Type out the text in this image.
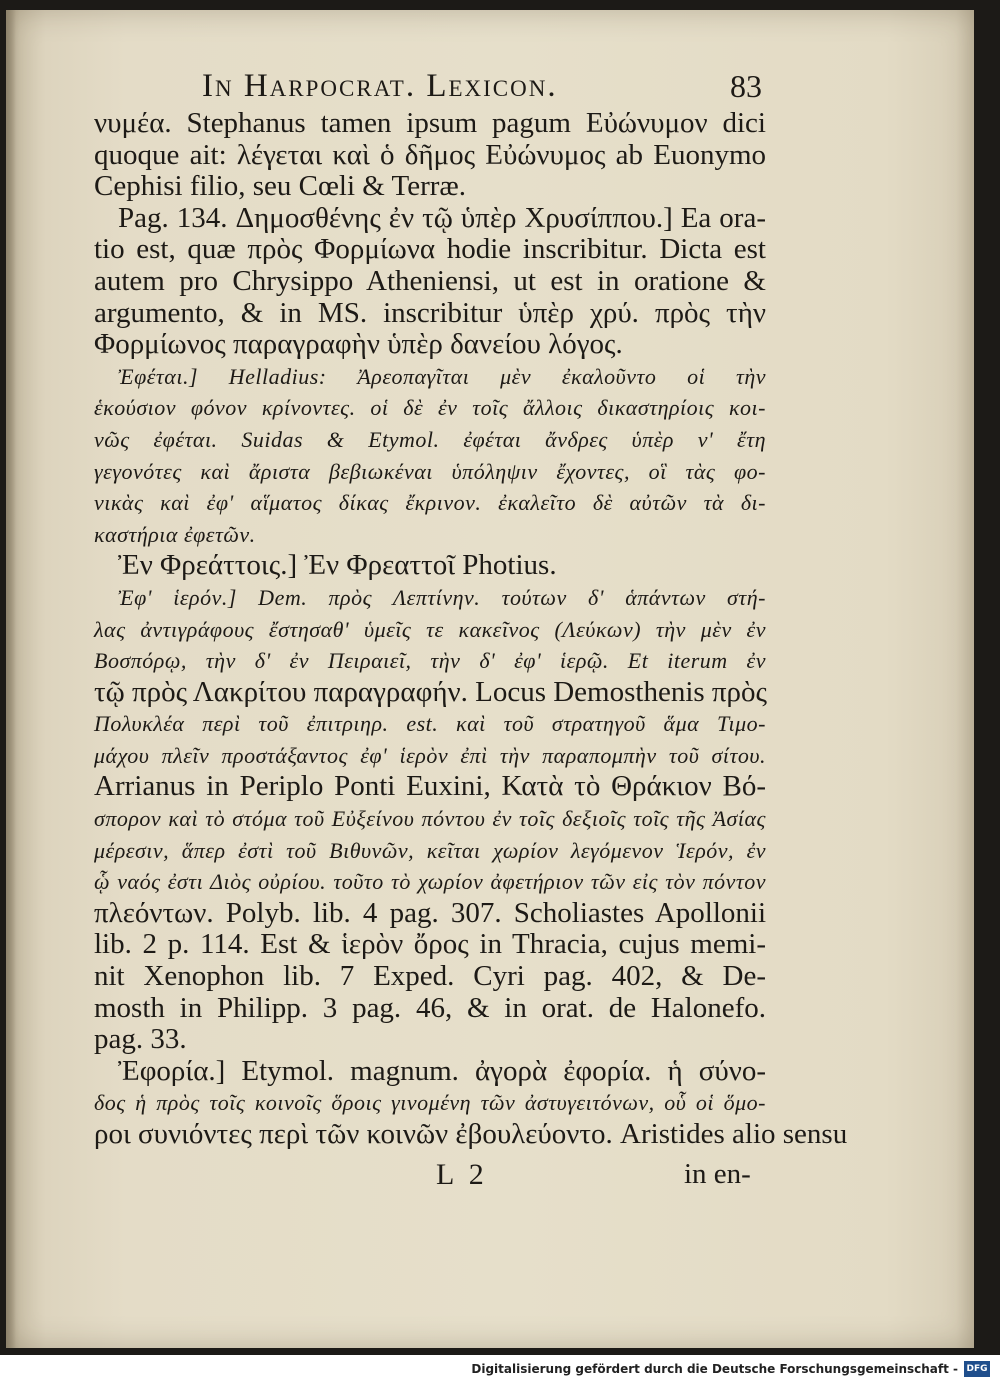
In Harpocrat. Lexicon.	83
νυμέα. Stephanus tamen ipsum pagum Εὐώνυμον dici
quoque ait: λέγεται καὶ ὁ δῆμος Εὐώνυμος ab Euonymo
Cephisi filio, seu Cœli & Terræ.
Pag. 134. Δημοσθένης ἐν τῷ ὑπὲρ Χρυσίππου.] Ea ora-
tio est, quæ πρὸς Φορμίωνα hodie inscribitur. Dicta est
autem pro Chrysippo Atheniensi, ut est in oratione &
argumento, & in MS. inscribitur ὑπὲρ χρύ. πρὸς τὴν
Φορμίωνος παραγραφὴν ὑπὲρ δανείου λόγος.
Ἐφέται.] Helladius: Ἀρεοπαγῖται μὲν ἐκαλοῦντο οἱ τὴν
ἑκούσιον φόνον κρίνοντες. οἱ δὲ ἐν τοῖς ἄλλοις δικαστηρίοις κοι-
νῶς ἐφέται. Suidas & Etymol. ἐφέται ἄνδρες ὑπὲρ ν' ἔτη
γεγονότες καὶ ἄριστα βεβιωκέναι ὑπόληψιν ἔχοντες, οἳ τὰς φο-
νικὰς καὶ ἐφ' αἵματος δίκας ἔκρινον. ἐκαλεῖτο δὲ αὐτῶν τὰ δι-
καστήρια ἐφετῶν.
Ἐν Φρεάττοις.] Ἐν Φρεαττοῖ Photius.
Ἐφ' ἱερόν.] Dem. πρὸς Λεπτίνην. τούτων δ' ἁπάντων στή-
λας ἀντιγράφους ἔστησαθ' ὑμεῖς τε κακεῖνος (Λεύκων) τὴν μὲν ἐν
Βοσπόρῳ, τὴν δ' ἐν Πειραιεῖ, τὴν δ' ἐφ' ἱερῷ. Et iterum ἐν
τῷ πρὸς Λακρίτου παραγραφήν. Locus Demosthenis πρὸς
Πολυκλέα περὶ τοῦ ἐπιτριηρ. est. καὶ τοῦ στρατηγοῦ ἅμα Τιμο-
μάχου πλεῖν προστάξαντος ἐφ' ἱερὸν ἐπὶ τὴν παραπομπὴν τοῦ σίτου.
Arrianus in Periplo Ponti Euxini, Κατὰ τὸ Θράκιον Βό-
σπορον καὶ τὸ στόμα τοῦ Εὐξείνου πόντου ἐν τοῖς δεξιοῖς τοῖς τῆς Ἀσίας
μέρεσιν, ἅπερ ἐστὶ τοῦ Βιθυνῶν, κεῖται χωρίον λεγόμενον Ἱερόν, ἐν
ᾧ ναός ἐστι Διὸς οὐρίου. τοῦτο τὸ χωρίον ἀφετήριον τῶν εἰς τὸν πόντον
πλεόντων. Polyb. lib. 4 pag. 307. Scholiastes Apollonii
lib. 2 p. 114. Est & ἱερὸν ὄρος in Thracia, cujus memi-
nit Xenophon lib. 7 Exped. Cyri pag. 402, & De-
mosth in Philipp. 3 pag. 46, & in orat. de Halonefo.
pag. 33.
Ἐφορία.] Etymol. magnum. ἀγορὰ ἐφορία. ἡ σύνο-
δος ἡ πρὸς τοῖς κοινοῖς ὅροις γινομένη τῶν ἀστυγειτόνων, οὗ οἱ ὅμο-
ροι συνιόντες περὶ τῶν κοινῶν ἐβουλεύοντο. Aristides alio sensu
L 2	in en-
Digitalisierung gefördert durch die Deutsche Forschungsgemeinschaft - DFG
